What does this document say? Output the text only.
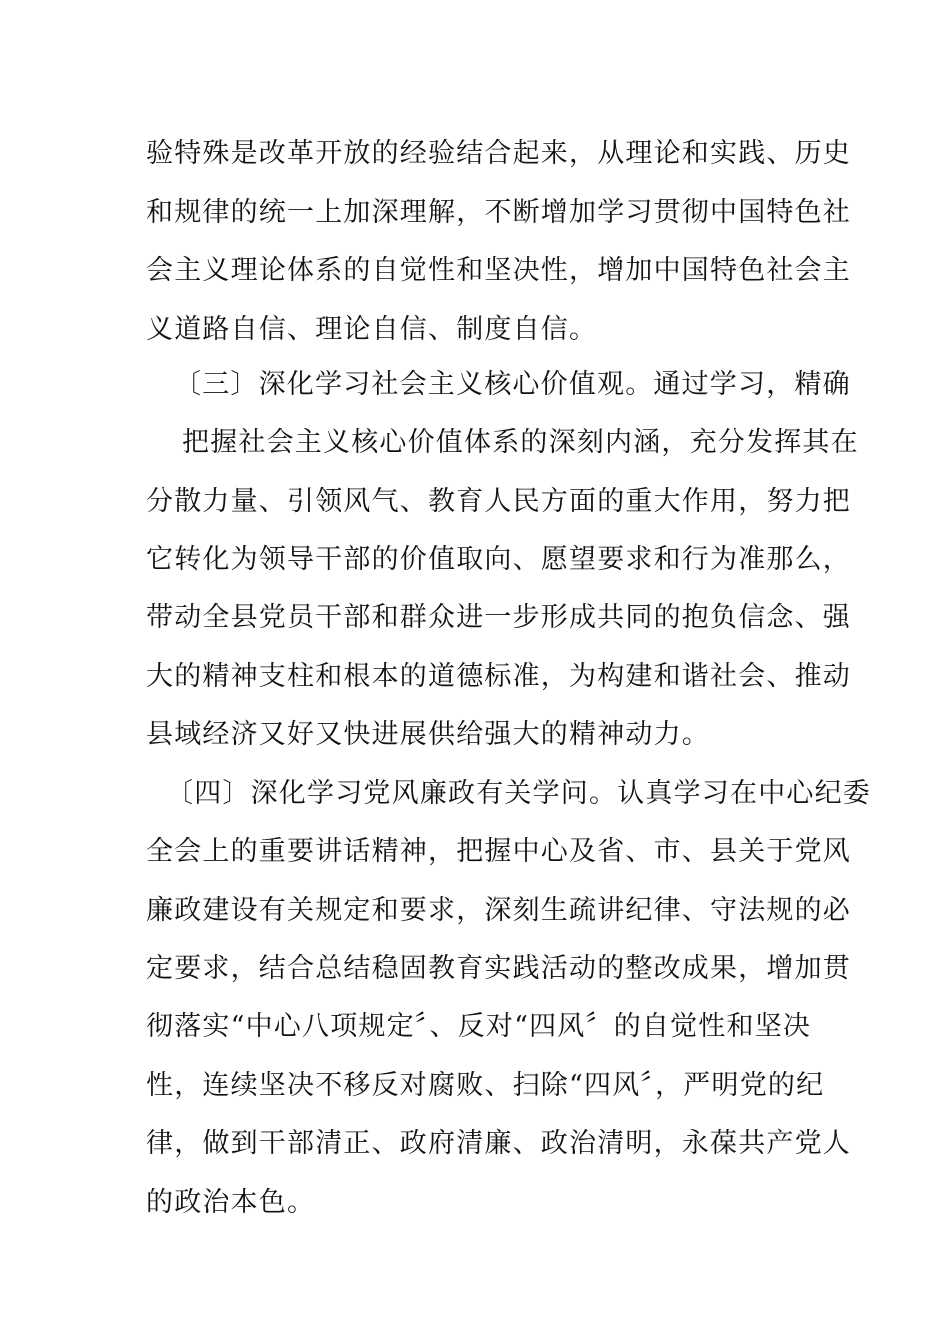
验特殊是改革开放的经验结合起来，从理论和实践、历史
和规律的统一上加深理解，不断增加学习贯彻中国特色社
会主义理论体系的自觉性和坚决性，增加中国特色社会主
义道路自信、理论自信、制度自信。
〔三〕深化学习社会主义核心价值观。通过学习，精确
把握社会主义核心价值体系的深刻内涵，充分发挥其在
分散力量、引领风气、教育人民方面的重大作用，努力把
它转化为领导干部的价值取向、愿望要求和行为准那么，
带动全县党员干部和群众进一步形成共同的抱负信念、强
大的精神支柱和根本的道德标准，为构建和谐社会、推动
县域经济又好又快进展供给强大的精神动力。
〔四〕深化学习党风廉政有关学问。认真学习在中心纪委
全会上的重要讲话精神，把握中心及省、市、县关于党风
廉政建设有关规定和要求，深刻生疏讲纪律、守法规的必
定要求，结合总结稳固教育实践活动的整改成果，增加贯
彻落实“中心八项规定〞、反对“四风〞的自觉性和坚决
性，连续坚决不移反对腐败、扫除“四风〞，严明党的纪
律，做到干部清正、政府清廉、政治清明，永葆共产党人
的政治本色。
